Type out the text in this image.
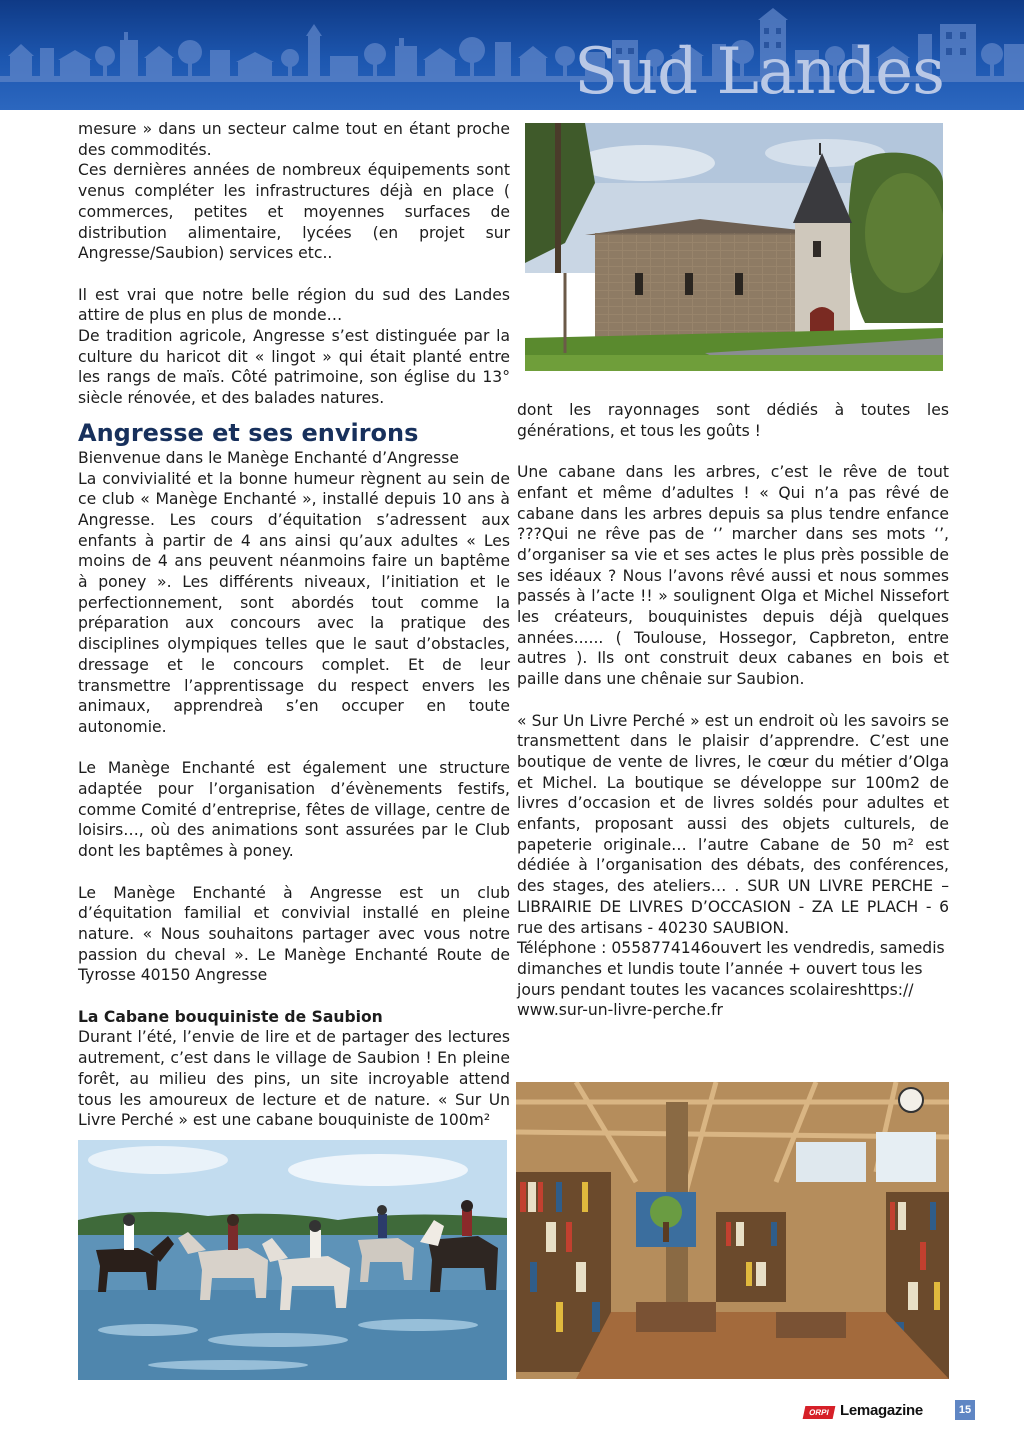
Sud Landes

mesure » dans un secteur calme tout en étant proche des commodités.

Ces dernières années de nombreux équipements sont venus compléter les infrastructures déjà en place ( commerces, petites et moyennes surfaces de distribution alimentaire, lycées (en projet sur Angresse/Saubion) services etc..

Il est vrai que notre belle région du sud des Landes attire de plus en plus de monde…

De tradition agricole, Angresse s’est distinguée par la culture du haricot dit « lingot » qui était planté entre les rangs de maïs. Côté patrimoine, son église du 13° siècle rénovée, et des balades natures.

Angresse et ses environs

Bienvenue dans le Manège Enchanté d’Angresse

La convivialité et la bonne humeur règnent au sein de ce club « Manège Enchanté », installé depuis 10 ans à Angresse. Les cours d’équitation s’adressent aux enfants à partir de 4 ans ainsi qu’aux adultes « Les moins de 4 ans peuvent néanmoins faire un baptême à poney ». Les différents niveaux, l’initiation et le perfectionnement, sont abordés tout comme la préparation aux concours avec la pratique des disciplines olympiques telles que le saut d’obstacles, dressage et le concours complet. Et de leur transmettre l’apprentissage du respect envers les animaux, apprendreà s’en occuper en toute autonomie.

Le Manège Enchanté est également une structure adaptée pour l’organisation d’évènements festifs, comme Comité d’entreprise, fêtes de village, centre de loisirs…, où des animations sont assurées par le Club dont les baptêmes à poney.

Le Manège Enchanté à Angresse est un club d’équitation familial et convivial installé en pleine nature. « Nous souhaitons partager avec vous notre passion du cheval ». Le Manège Enchanté Route de Tyrosse 40150 Angresse

La Cabane bouquiniste de Saubion

Durant l’été, l’envie de lire et de partager des lectures autrement, c’est dans le village de Saubion ! En pleine forêt, au milieu des pins, un site incroyable attend tous les amoureux de lecture et de nature. « Sur Un Livre Perché » est une cabane bouquiniste de 100m²

dont les rayonnages sont dédiés à toutes les générations, et tous les goûts !

Une cabane dans les arbres, c’est le rêve de tout enfant et même d’adultes ! « Qui n’a pas rêvé de cabane dans les arbres depuis sa plus tendre enfance ???Qui ne rêve pas de ‘’ marcher dans ses mots ‘’, d’organiser sa vie et ses actes le plus près possible de ses idéaux ? Nous l’avons rêvé aussi et nous sommes passés à l’acte !! » soulignent Olga et Michel Nissefort les créateurs, bouquinistes depuis déjà quelques années...... ( Toulouse, Hossegor, Capbreton, entre autres ). Ils ont construit deux cabanes en bois et paille dans une chênaie sur Saubion.

« Sur Un Livre Perché » est un endroit où les savoirs se transmettent dans le plaisir d’apprendre. C’est une boutique de vente de livres, le cœur du métier d’Olga et Michel. La boutique se développe sur 100m2 de livres d’occasion et de livres soldés pour adultes et enfants, proposant aussi des objets culturels, de papeterie originale… l’autre Cabane de 50 m² est dédiée à l’organisation des débats, des conférences, des stages, des ateliers… . SUR UN LIVRE PERCHE –LIBRAIRIE DE LIVRES D’OCCASION - ZA LE PLACH - 6 rue des artisans - 40230 SAUBION.

Téléphone : 0558774146ouvert les vendredis, samedis dimanches et lundis toute l’année + ouvert tous les jours pendant toutes les vacances scolaireshttps:// www.sur-un-livre-perche.fr

ORPI Lemagazine	15
